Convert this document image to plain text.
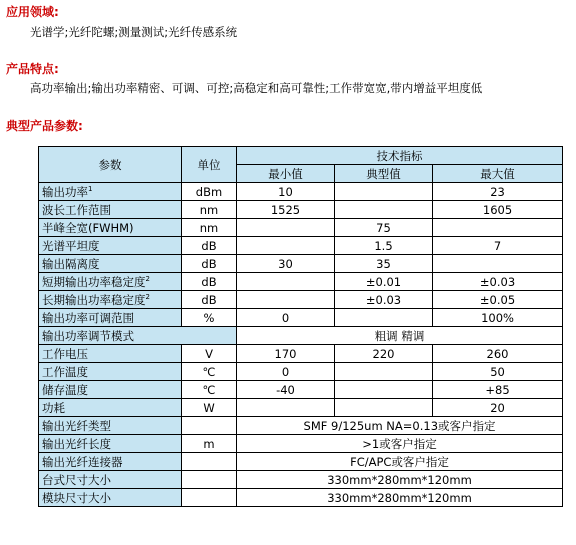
应用领域:
光谱学;光纤陀螺;测量测试;光纤传感系统
产品特点:
高功率输出;输出功率精密、可调、可控;高稳定和高可靠性;工作带宽宽,带内增益平坦度低
典型产品参数:
参数	单位	技术指标		
		最小值	典型值	最大值
输出功率$^1$	dBm	10		23
波长工作范围	nm	1525		1605
半峰全宽(FWHM)	nm		75	
光谱平坦度	dB		1.5	7
输出隔离度	dB	30	35	
短期输出功率稳定度$^2$	dB		±0.01	±0.03
长期输出功率稳定度$^2$	dB		±0.03	±0.05
输出功率可调范围	%	0		100%
输出功率调节模式		粗调 精调		
工作电压	V	170	220	260
工作温度	℃	0		50
储存温度	℃	-40		+85
功耗	W			20
输出光纤类型		SMF 9/125um NA=0.13或客户指定		
输出光纤长度	m	>1或客户指定		
输出光纤连接器		FC/APC或客户指定		
台式尺寸大小		330mm*280mm*120mm		
模块尺寸大小		330mm*280mm*120mm		
